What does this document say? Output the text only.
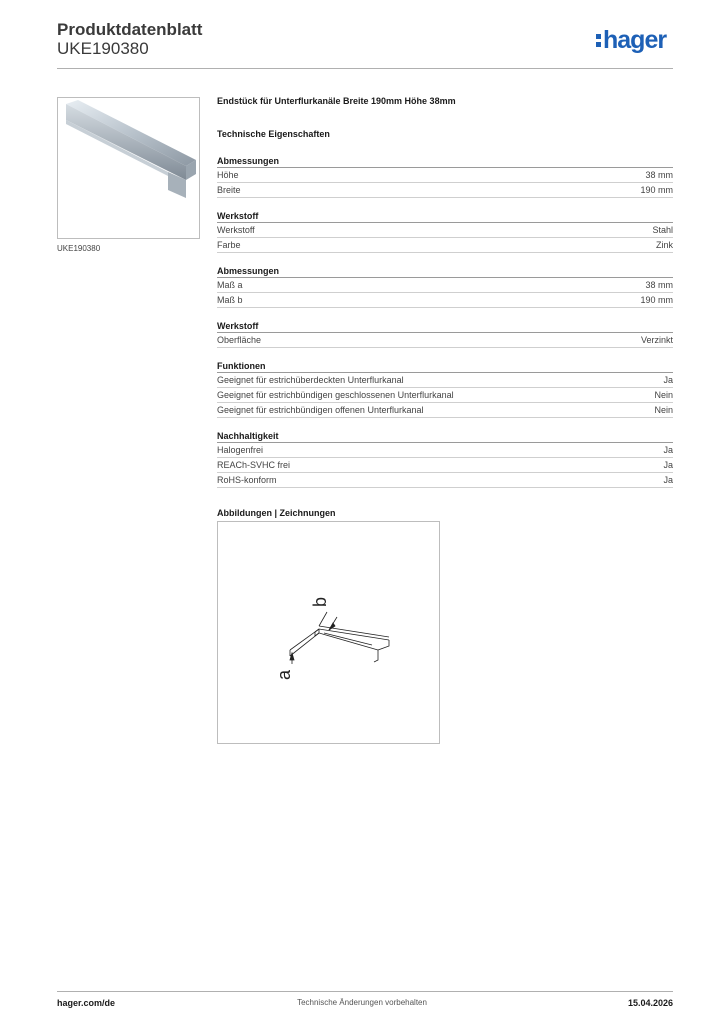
Produktdatenblatt
UKE190380	hager
UKE190380
Endstück für Unterflurkanäle Breite 190mm Höhe 38mm
Technische Eigenschaften
Abmessungen
Höhe	38 mm
Breite	190 mm
Werkstoff
Werkstoff	Stahl
Farbe	Zink
Abmessungen
Maß a	38 mm
Maß b	190 mm
Werkstoff
Oberfläche	Verzinkt
Funktionen
Geeignet für estrichüberdeckten Unterflurkanal	Ja
Geeignet für estrichbündigen geschlossenen Unterflurkanal	Nein
Geeignet für estrichbündigen offenen Unterflurkanal	Nein
Nachhaltigkeit
Halogenfrei	Ja
REACh-SVHC frei	Ja
RoHS-konform	Ja
Abbildungen | Zeichnungen
b
a
hager.com/de	Technische Änderungen vorbehalten	15.04.2026
